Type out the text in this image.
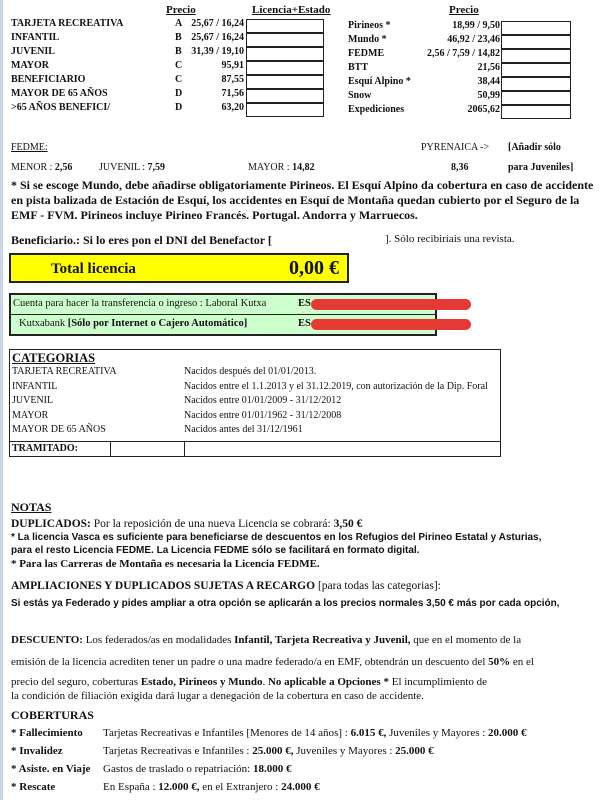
Precio	Licencia+Estado	Precio
FEDME:	PYRENAICA -> [Añadir sólo
MENOR : 2,56	JUVENIL : 7,59	MAYOR : 14,82	8,36	para Juveniles]
* Si se escoge Mundo, debe añadirse obligatoriamente Pirineos. El Esquí Alpino da cobertura en caso de accidente en pista balizada de Estación de Esquí, los accidentes en Esquí de Montaña quedan cubierto por el Seguro de la EMF - FVM. Pirineos incluye Pirineo Francés. Portugal. Andorra y Marruecos.
Beneficiario.: Si lo eres pon el DNI del Benefactor [	]. Sólo recibiríais una revista.
Total licencia	0,00 €
Cuenta para hacer la transferencia o ingreso : Laboral Kutxa	ES
Kutxabank [Sólo por Internet o Cajero Automático]	ES
CATEGORIAS
TRAMITADO:
TARJETA RECREATIVA	Nacidos después del 01/01/2013.
INFANTIL	Nacidos entre el 1.1.2013 y el 31.12.2019, con autorización de la Dip. Foral
JUVENIL	Nacidos entre 01/01/2009 - 31/12/2012
MAYOR	Nacidos entre 01/01/1962 - 31/12/2008
MAYOR DE 65 AÑOS	Nacidos antes del 31/12/1961
NOTAS
DUPLICADOS: Por la reposición de una nueva Licencia se cobrará: 3,50 €
* La licencia Vasca es suficiente para beneficiarse de descuentos en los Refugios del Pirineo Estatal y Asturias,
para el resto Licencia FEDME. La Licencia FEDME sólo se facilitará en formato digital.
* Para las Carreras de Montaña es necesaria la Licencia FEDME.
AMPLIACIONES Y DUPLICADOS SUJETAS A RECARGO [para todas las categorias]:
Si estás ya Federado y pides ampliar a otra opción se aplicarán a los precios normales 3,50 € más por cada opción,
DESCUENTO: Los federados/as en modalidades Infantil, Tarjeta Recreativa y Juvenil, que en el momento de la
emisión de la licencia acrediten tener un padre o una madre federado/a en EMF, obtendrán un descuento del 50% en el
precio del seguro, coberturas Estado, Pirineos y Mundo. No aplicable a Opciones * El incumplimiento de
la condición de filiación exigida dará lugar a denegación de la cobertura en caso de accidente.
COBERTURAS
TARJETA RECREATIVA	A 25,67 / 16,24
INFANTIL	B 25,67 / 16,24
JUVENIL	B 31,39 / 19,10
MAYOR	C	95,91
BENEFICIARIO	C	87,55
MAYOR DE 65 AÑOS	D	71,56
>65 AÑOS BENEFICI/	D	63,20
Pirineos *	18,99 / 9,50
Mundo *	46,92 / 23,46
FEDME	2,56 / 7,59 / 14,82
BTT	21,56
Esquí Alpino *	38,44
Snow	50,99
Expediciones	2065,62
* Fallecimiento Tarjetas Recreativas e Infantiles [Menores de 14 años] : 6.015 €, Juveniles y Mayores : 20.000 €
* Invalidez	Tarjetas Recreativas e Infantiles : 25.000 €, Juveniles y Mayores : 25.000 €
* Asiste. en Viaje Gastos de traslado o repatriación: 18.000 €
* Rescate	En España : 12.000 €, en el Extranjero : 24.000 €
